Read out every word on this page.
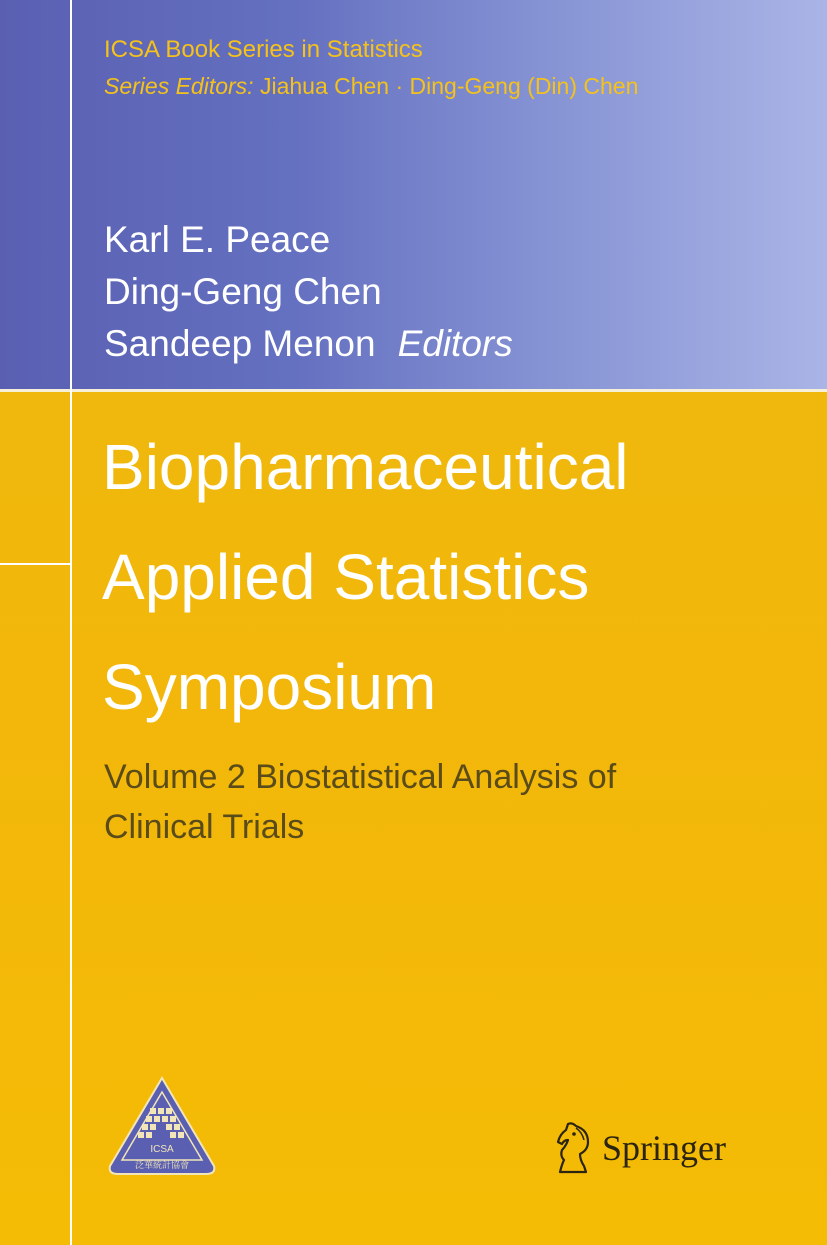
ICSA Book Series in Statistics
Series Editors: Jiahua Chen · Ding-Geng (Din) Chen
Karl E. Peace
Ding-Geng Chen
Sandeep Menon Editors
Biopharmaceutical
Applied Statistics
Symposium
Volume 2 Biostatistical Analysis of
Clinical Trials
ICSA
泛華統計協會	Springer
